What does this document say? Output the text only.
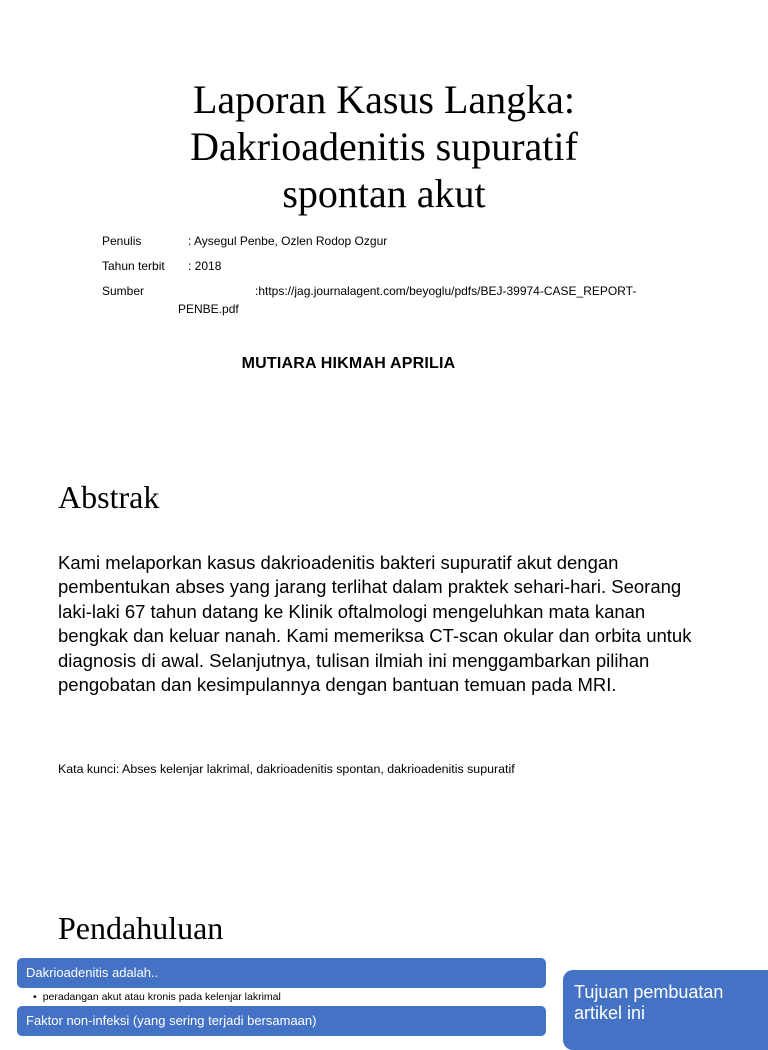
Laporan Kasus Langka:
Dakrioadenitis supuratif
spontan akut
Penulis	: Aysegul Penbe, Ozlen Rodop Ozgur
Tahun terbit : 2018
Sumber	:https://jag.journalagent.com/beyoglu/pdfs/BEJ-39974-CASE_REPORT-
PENBE.pdf
MUTIARA HIKMAH APRILIA
Abstrak

Kami melaporkan kasus dakrioadenitis bakteri supuratif akut dengan pembentukan abses yang jarang terlihat dalam praktek sehari-hari. Seorang laki-laki 67 tahun datang ke Klinik oftalmologi mengeluhkan mata kanan bengkak dan keluar nanah. Kami memeriksa CT-scan okular dan orbita untuk diagnosis di awal. Selanjutnya, tulisan ilmiah ini menggambarkan pilihan pengobatan dan kesimpulannya dengan bantuan temuan pada MRI.

Kata kunci: Abses kelenjar lakrimal, dakrioadenitis spontan, dakrioadenitis supuratif
Pendahuluan
Dakrioadenitis adalah..
• peradangan akut atau kronis pada kelenjar lakrimal
Faktor non-infeksi (yang sering terjadi bersamaan)
Tujuan pembuatan artikel ini
